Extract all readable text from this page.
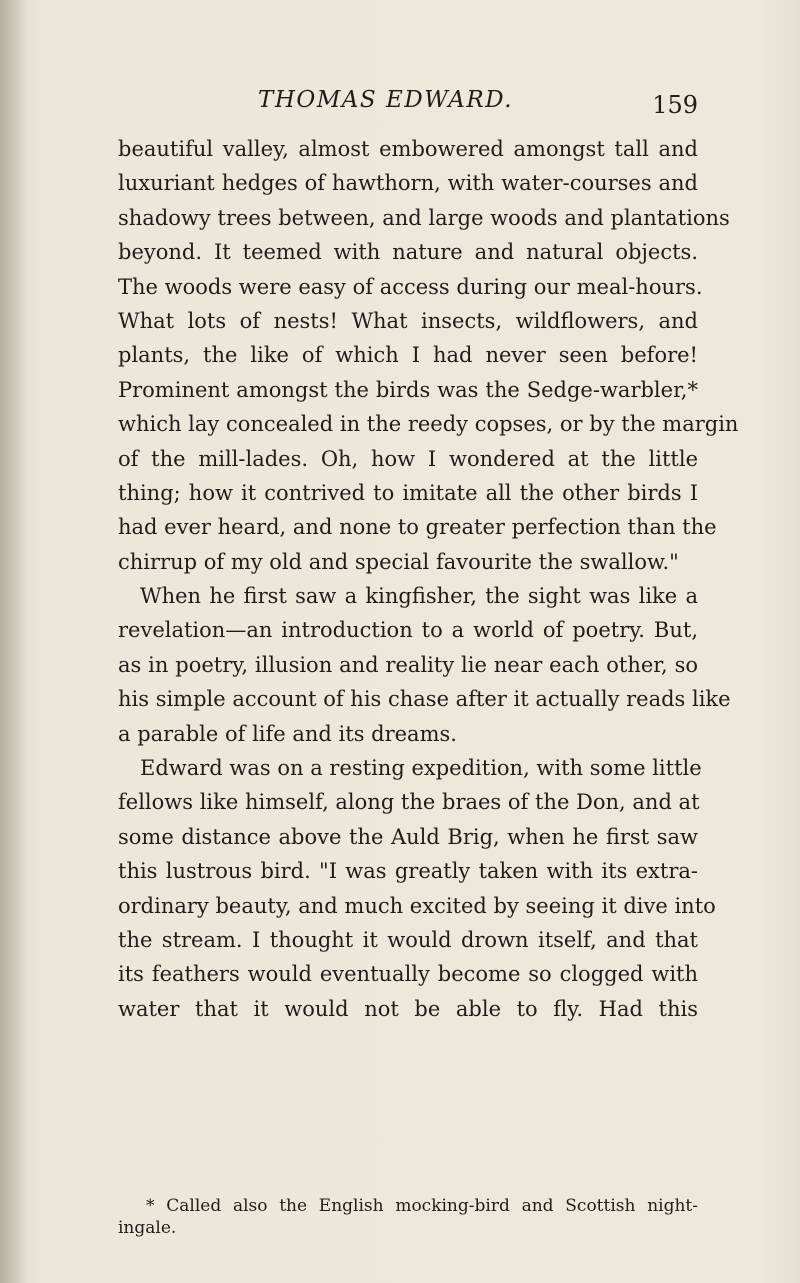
THOMAS EDWARD.	159
beautiful valley, almost embowered amongst tall and
luxuriant hedges of hawthorn, with water-courses and
shadowy trees between, and large woods and plantations
beyond. It teemed with nature and natural objects.
The woods were easy of access during our meal-hours.
What lots of nests! What insects, wildflowers, and
plants, the like of which I had never seen before!
Prominent amongst the birds was the Sedge-warbler,*
which lay concealed in the reedy copses, or by the margin
of the mill-lades. Oh, how I wondered at the little
thing; how it contrived to imitate all the other birds I
had ever heard, and none to greater perfection than the
chirrup of my old and special favourite the swallow."
When he first saw a kingfisher, the sight was like a
revelation—an introduction to a world of poetry. But,
as in poetry, illusion and reality lie near each other, so
his simple account of his chase after it actually reads like
a parable of life and its dreams.
Edward was on a resting expedition, with some little
fellows like himself, along the braes of the Don, and at
some distance above the Auld Brig, when he first saw
this lustrous bird. "I was greatly taken with its extra-
ordinary beauty, and much excited by seeing it dive into
the stream. I thought it would drown itself, and that
its feathers would eventually become so clogged with
water that it would not be able to fly. Had this
* Called also the English mocking-bird and Scottish night-
ingale.
